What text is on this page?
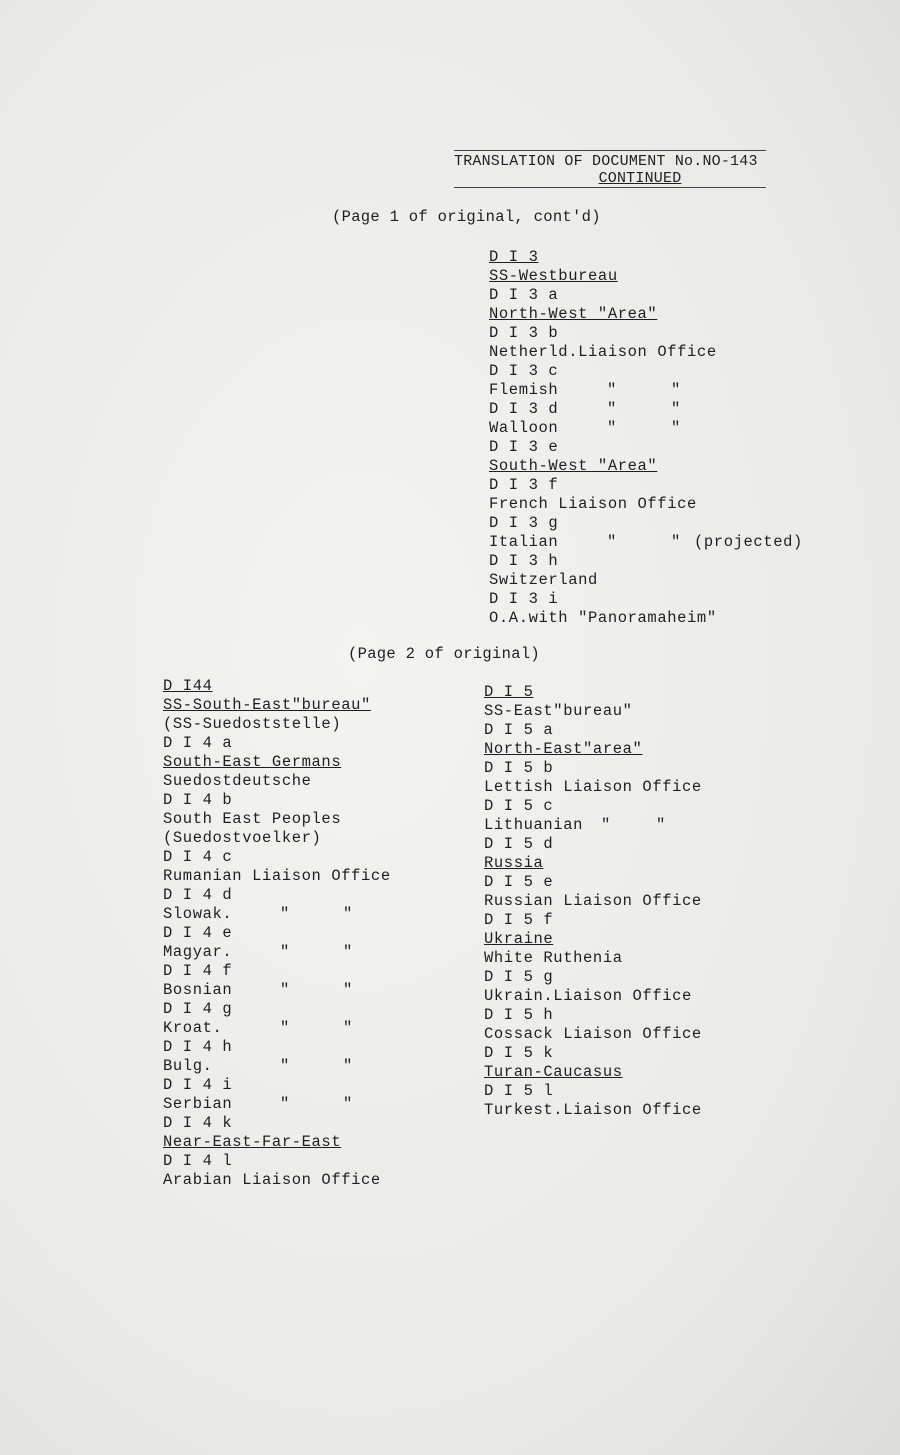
TRANSLATION OF DOCUMENT No.NO-143
CONTINUED
(Page 1 of original, cont'd)
D I 3
SS-Westbureau
D I 3 a
North-West "Area"
D I 3 b
Netherld.Liaison Office
D I 3 c
Flemish	"	"
D I 3 d	"	"
Walloon	"	"
D I 3 e
South-West "Area"
D I 3 f
French Liaison Office
D I 3 g
Italian	"	" (projected)
D I 3 h
Switzerland
D I 3 i
O.A.with "Panoramaheim"
(Page 2 of original)
D I44
SS-South-East"bureau"
(SS-Suedoststelle)
D I 4 a
South-East Germans
Suedostdeutsche
D I 4 b
South East Peoples
(Suedostvoelker)
D I 4 c
Rumanian Liaison Office
D I 4 d
Slowak.	"	"
D I 4 e
Magyar.	"	"
D I 4 f
Bosnian	"	"
D I 4 g
Kroat.	"	"
D I 4 h
Bulg.	"	"
D I 4 i
Serbian	"	"
D I 4 k
Near-East-Far-East
D I 4 l
Arabian Liaison Office
D I 5
SS-East"bureau"
D I 5 a
North-East"area"
D I 5 b
Lettish Liaison Office
D I 5 c
Lithuanian "	"
D I 5 d
Russia
D I 5 e
Russian Liaison Office
D I 5 f
Ukraine
White Ruthenia
D I 5 g
Ukrain.Liaison Office
D I 5 h
Cossack Liaison Office
D I 5 k
Turan-Caucasus
D I 5 l
Turkest.Liaison Office
